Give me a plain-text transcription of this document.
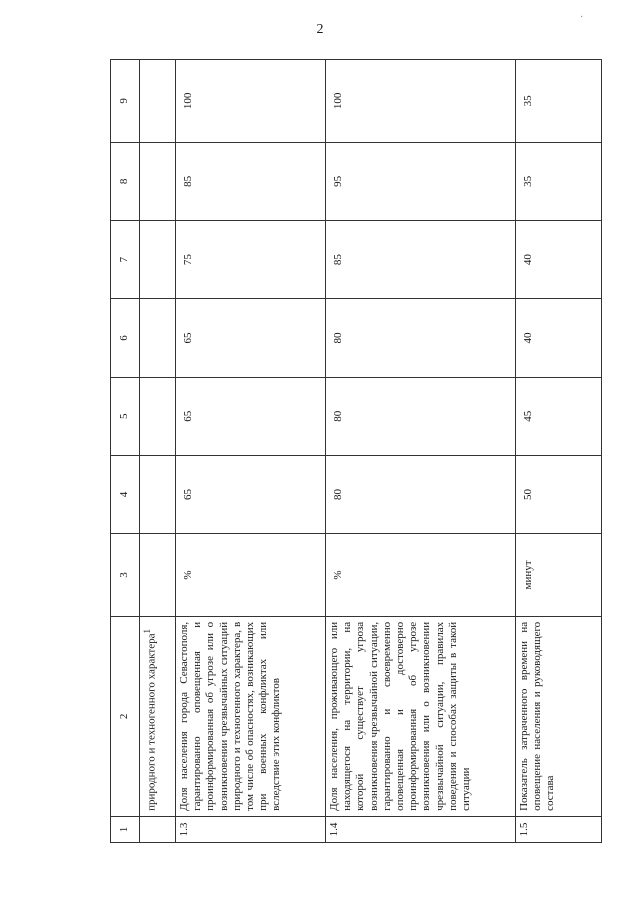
2
·
1	2	3	4	5	6	7	8	9
	природного и техногенного характера$^1$							
1.3	Доля населения города Севастополя, гарантированно оповещенная и проинформированная об угрозе или о возникновении чрезвычайных ситуаций природного и техногенного характера, в том числе об опасностях, возникающих при военных конфликтах или вследствие этих конфликтов	%	65	65	65	75	85	100
1.4	Доля населения, проживающего или находящегося на территории, на которой существует угроза возникновения чрезвычайной ситуации, гарантированно и своевременно оповещенная и достоверно проинформированная об угрозе возникновения или о возникновении чрезвычайной ситуации, правилах поведения и способах защиты в такой ситуации	%	80	80	80	85	95	100
1.5	Показатель затраченного времени на оповещение населения и руководящего состава	минут	50	45	40	40	35	35
